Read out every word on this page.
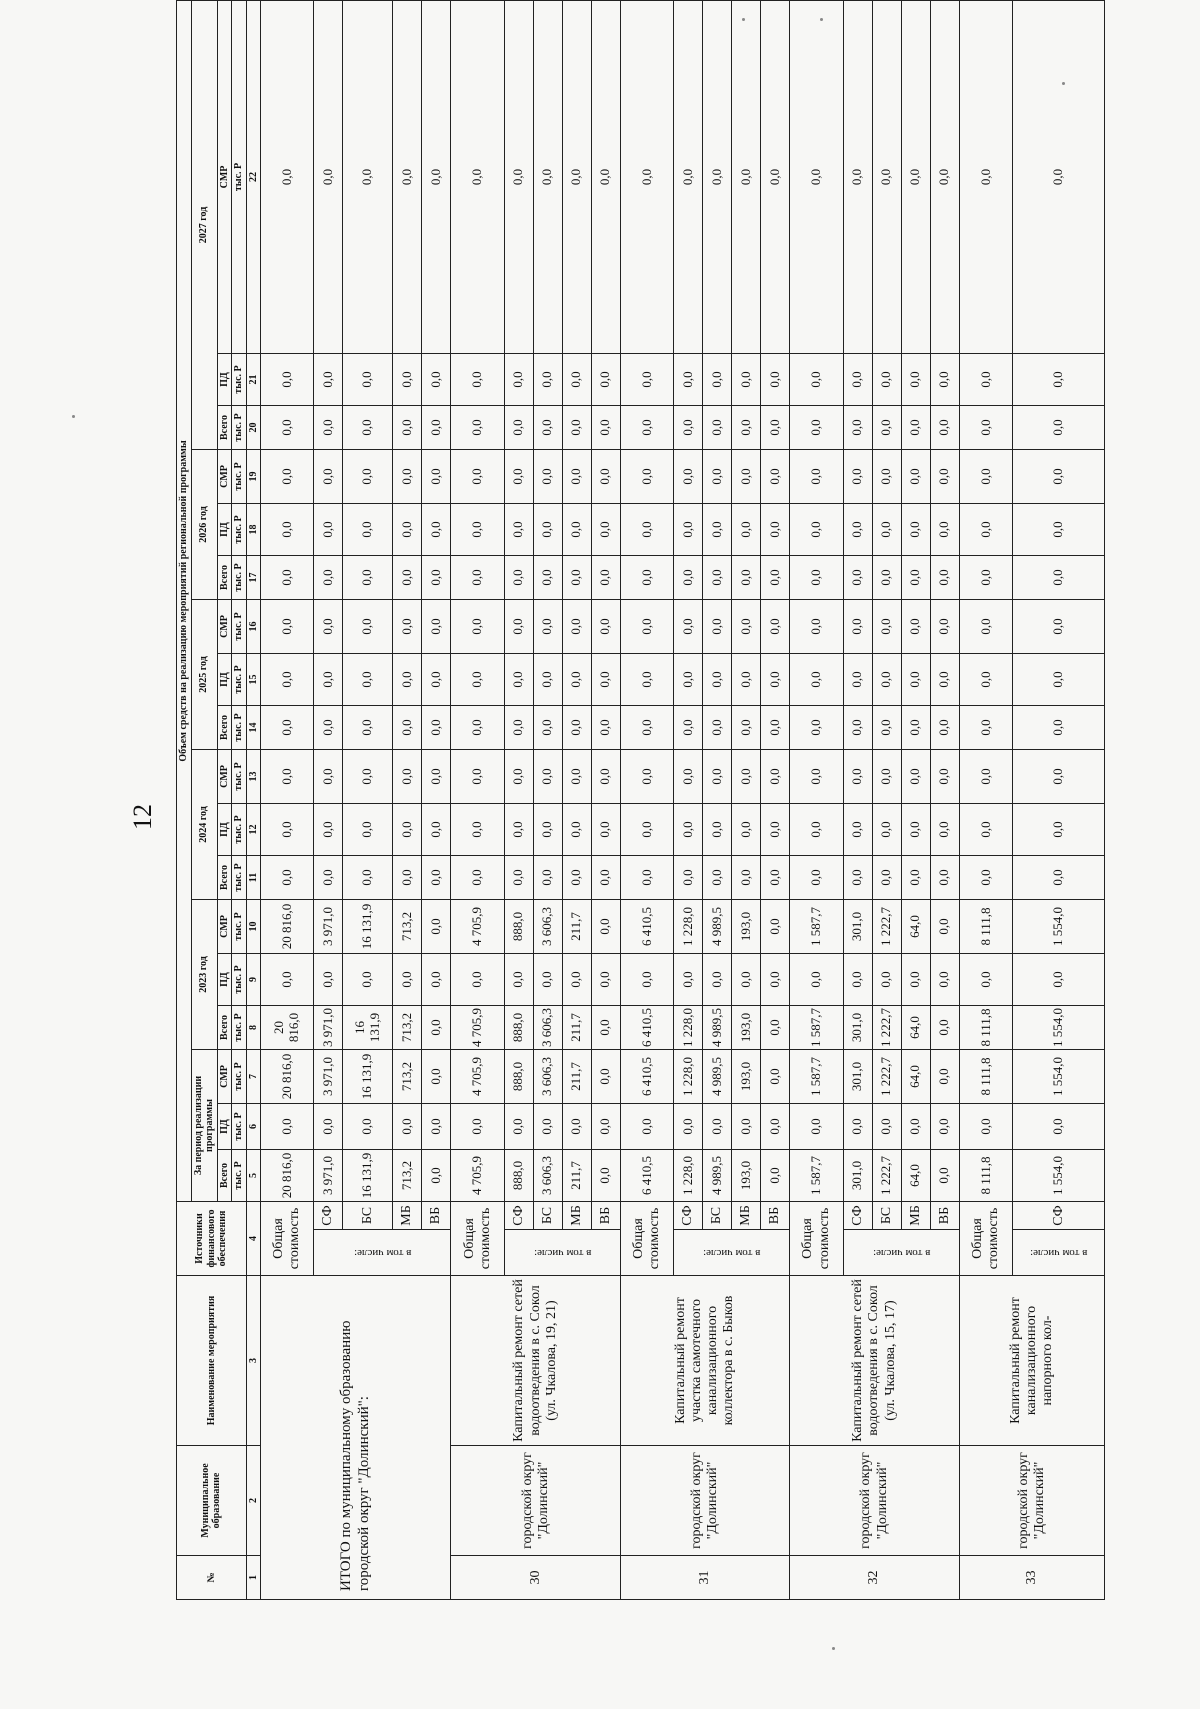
12
№	Муниципальное образование	Наименование мероприятия	Источники финансового обеспечения		Объем средств на реализацию мероприятий региональной программы																	
					За период реализации программы			2023 год			2024 год			2025 год			2026 год			2027 год		
					Всего	ПД	СМР	Всего	ПД	СМР	Всего	ПД	СМР	Всего	ПД	СМР	Всего	ПД	СМР	Всего	ПД	СМР
					тыс. Р	тыс. Р	тыс. Р	тыс. Р	тыс. Р	тыс. Р	тыс. Р	тыс. Р	тыс. Р	тыс. Р	тыс. Р	тыс. Р	тыс. Р	тыс. Р	тыс. Р	тыс. Р	тыс. Р	тыс. Р
1	2	3	4		5	6	7	8	9	10	11	12	13	14	15	16	17	18	19	20	21	22
ИТОГО по муниципальному образованию городской округ "Долинский":			Общая стоимость		20 816,0	0,0	20 816,0	20 816,0	0,0	20 816,0	0,0	0,0	0,0	0,0	0,0	0,0	0,0	0,0	0,0	0,0	0,0	0,0

			в том числе:	СФ	3 971,0	0,0	3 971,0	3 971,0	0,0	3 971,0	0,0	0,0	0,0	0,0	0,0	0,0	0,0	0,0	0,0	0,0	0,0	0,0
				БС	16 131,9	0,0	16 131,9	16 131,9	0,0	16 131,9	0,0	0,0	0,0	0,0	0,0	0,0	0,0	0,0	0,0	0,0	0,0	0,0
				МБ	713,2	0,0	713,2	713,2	0,0	713,2	0,0	0,0	0,0	0,0	0,0	0,0	0,0	0,0	0,0	0,0	0,0	0,0
				ВБ	0,0	0,0	0,0	0,0	0,0	0,0	0,0	0,0	0,0	0,0	0,0	0,0	0,0	0,0	0,0	0,0	0,0	0,0
30	городской округ "Долинский"	Капитальный ремонт сетей водоотведения в с. Сокол (ул. Чкалова, 19, 21)	Общая стоимость		4 705,9	0,0	4 705,9	4 705,9	0,0	4 705,9	0,0	0,0	0,0	0,0	0,0	0,0	0,0	0,0	0,0	0,0	0,0	0,0

			в том числе:	СФ	888,0	0,0	888,0	888,0	0,0	888,0	0,0	0,0	0,0	0,0	0,0	0,0	0,0	0,0	0,0	0,0	0,0	0,0
				БС	3 606,3	0,0	3 606,3	3 606,3	0,0	3 606,3	0,0	0,0	0,0	0,0	0,0	0,0	0,0	0,0	0,0	0,0	0,0	0,0
				МБ	211,7	0,0	211,7	211,7	0,0	211,7	0,0	0,0	0,0	0,0	0,0	0,0	0,0	0,0	0,0	0,0	0,0	0,0
				ВБ	0,0	0,0	0,0	0,0	0,0	0,0	0,0	0,0	0,0	0,0	0,0	0,0	0,0	0,0	0,0	0,0	0,0	0,0
31	городской округ "Долинский"	Капитальный ремонт участка самотечного канализационного коллектора в с. Быков	Общая стоимость		6 410,5	0,0	6 410,5	6 410,5	0,0	6 410,5	0,0	0,0	0,0	0,0	0,0	0,0	0,0	0,0	0,0	0,0	0,0	0,0

			в том числе:	СФ	1 228,0	0,0	1 228,0	1 228,0	0,0	1 228,0	0,0	0,0	0,0	0,0	0,0	0,0	0,0	0,0	0,0	0,0	0,0	0,0
				БС	4 989,5	0,0	4 989,5	4 989,5	0,0	4 989,5	0,0	0,0	0,0	0,0	0,0	0,0	0,0	0,0	0,0	0,0	0,0	0,0
				МБ	193,0	0,0	193,0	193,0	0,0	193,0	0,0	0,0	0,0	0,0	0,0	0,0	0,0	0,0	0,0	0,0	0,0	0,0
				ВБ	0,0	0,0	0,0	0,0	0,0	0,0	0,0	0,0	0,0	0,0	0,0	0,0	0,0	0,0	0,0	0,0	0,0	0,0
32	городской округ "Долинский"	Капитальный ремонт сетей водоотведения в с. Сокол (ул. Чкалова, 15, 17)	Общая стоимость		1 587,7	0,0	1 587,7	1 587,7	0,0	1 587,7	0,0	0,0	0,0	0,0	0,0	0,0	0,0	0,0	0,0	0,0	0,0	0,0

			в том числе:	СФ	301,0	0,0	301,0	301,0	0,0	301,0	0,0	0,0	0,0	0,0	0,0	0,0	0,0	0,0	0,0	0,0	0,0	0,0
				БС	1 222,7	0,0	1 222,7	1 222,7	0,0	1 222,7	0,0	0,0	0,0	0,0	0,0	0,0	0,0	0,0	0,0	0,0	0,0	0,0
				МБ	64,0	0,0	64,0	64,0	0,0	64,0	0,0	0,0	0,0	0,0	0,0	0,0	0,0	0,0	0,0	0,0	0,0	0,0
				ВБ	0,0	0,0	0,0	0,0	0,0	0,0	0,0	0,0	0,0	0,0	0,0	0,0	0,0	0,0	0,0	0,0	0,0	0,0
33	городской округ "Долинский"	Капитальный ремонт канализационного напорного кол-	Общая стоимость		8 111,8	0,0	8 111,8	8 111,8	0,0	8 111,8	0,0	0,0	0,0	0,0	0,0	0,0	0,0	0,0	0,0	0,0	0,0	0,0

			в том числе:	СФ	1 554,0	0,0	1 554,0	1 554,0	0,0	1 554,0	0,0	0,0	0,0	0,0	0,0	0,0	0,0	0,0	0,0	0,0	0,0	0,0
